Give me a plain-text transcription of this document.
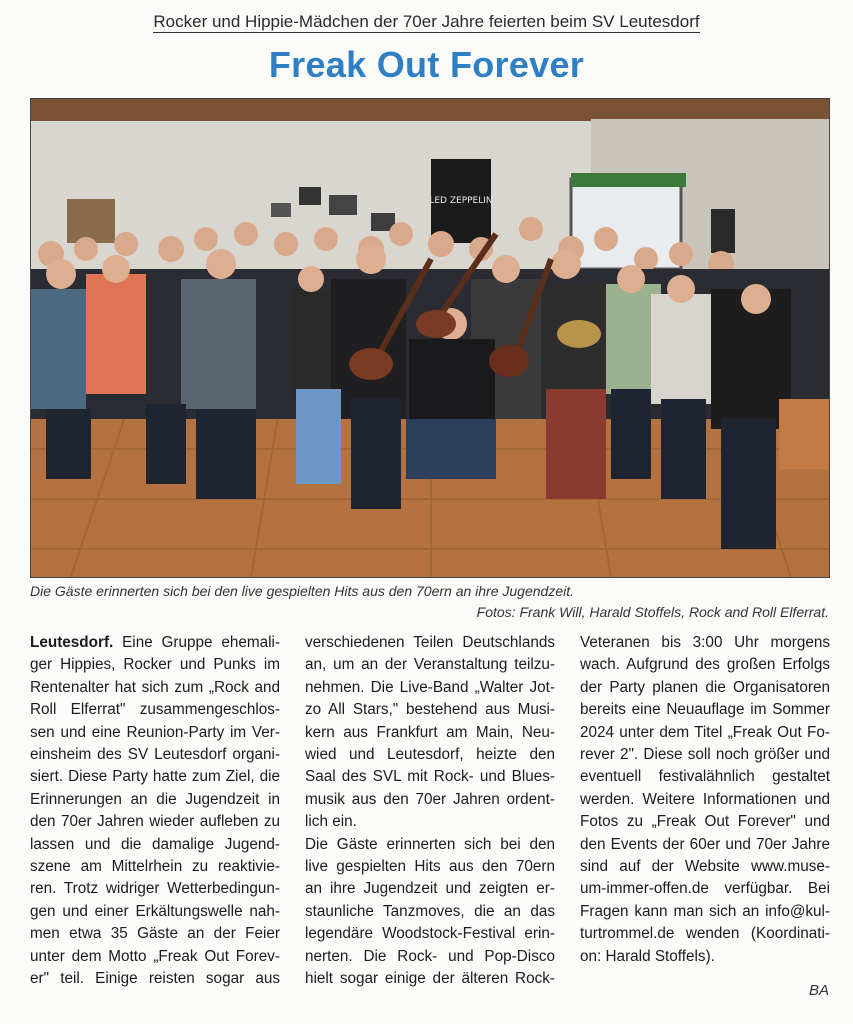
Rocker und Hippie-Mädchen der 70er Jahre feierten beim SV Leutesdorf
Freak Out Forever
LED ZEPPELIN
Die Gäste erinnerten sich bei den live gespielten Hits aus den 70ern an ihre Jugendzeit.
Fotos: Frank Will, Harald Stoffels, Rock and Roll Elferrat.

Leutesdorf. Eine Gruppe ehemali-

ger Hippies, Rocker und Punks im

Rentenalter hat sich zum „Rock and

Roll Elferrat" zusammengeschlos-

sen und eine Reunion-Party im Ver-

einsheim des SV Leutesdorf organi-

siert. Diese Party hatte zum Ziel, die

Erinnerungen an die Jugendzeit in

den 70er Jahren wieder aufleben zu

lassen und die damalige Jugend-

szene am Mittelrhein zu reaktivie-

ren. Trotz widriger Wetterbedingun-

gen und einer Erkältungswelle nah-

men etwa 35 Gäste an der Feier

unter dem Motto „Freak Out Forev-

er" teil. Einige reisten sogar aus

verschiedenen Teilen Deutschlands

an, um an der Veranstaltung teilzu-

nehmen. Die Live-Band „Walter Jot-

zo All Stars," bestehend aus Musi-

kern aus Frankfurt am Main, Neu-

wied und Leutesdorf, heizte den

Saal des SVL mit Rock- und Blues-

musik aus den 70er Jahren ordent-

lich ein.

Die Gäste erinnerten sich bei den

live gespielten Hits aus den 70ern

an ihre Jugendzeit und zeigten er-

staunliche Tanzmoves, die an das

legendäre Woodstock-Festival erin-

nerten. Die Rock- und Pop-Disco

hielt sogar einige der älteren Rock-

Veteranen bis 3:00 Uhr morgens

wach. Aufgrund des großen Erfolgs

der Party planen die Organisatoren

bereits eine Neuauflage im Sommer

2024 unter dem Titel „Freak Out Fo-

rever 2". Diese soll noch größer und

eventuell festivalähnlich gestaltet

werden. Weitere Informationen und

Fotos zu „Freak Out Forever" und

den Events der 60er und 70er Jahre

sind auf der Website www.muse-

um-immer-offen.de verfügbar. Bei

Fragen kann man sich an info@kul-

turtrommel.de wenden (Koordinati-

on: Harald Stoffels).

BA
